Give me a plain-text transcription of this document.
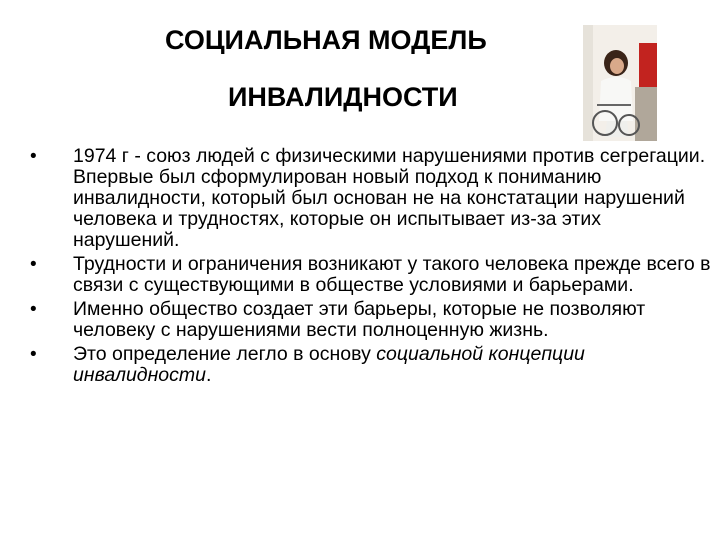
СОЦИАЛЬНАЯ МОДЕЛЬ
ИНВАЛИДНОСТИ
• 1974 г - союз людей с физическими нарушениями против сегрегации. Впервые был сформулирован новый подход к пониманию инвалидности, который был основан не на констатации нарушений человека и трудностях, которые он испытывает из-за этих нарушений.
• Трудности и ограничения возникают у такого человека прежде всего в связи с существующими в обществе условиями и барьерами.
• Именно общество создает эти барьеры, которые не позволяют человеку с нарушениями вести полноценную жизнь.
• Это определение легло в основу социальной концепции инвалидности.
